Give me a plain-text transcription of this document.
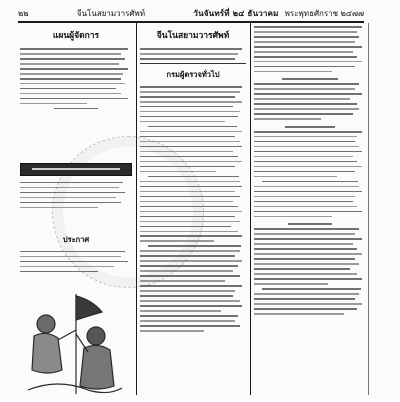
๒๒	จีนโนสยามวารศัพท์	วันจันทร์ที่ ๒๔ ธันวาคม พระพุทธศักราช ๒๔๗๗
แผนผู้จัดการ
ประกาศ
จีนโนสยามวารศัพท์
กรมผู้ตรวจทั่วไป
